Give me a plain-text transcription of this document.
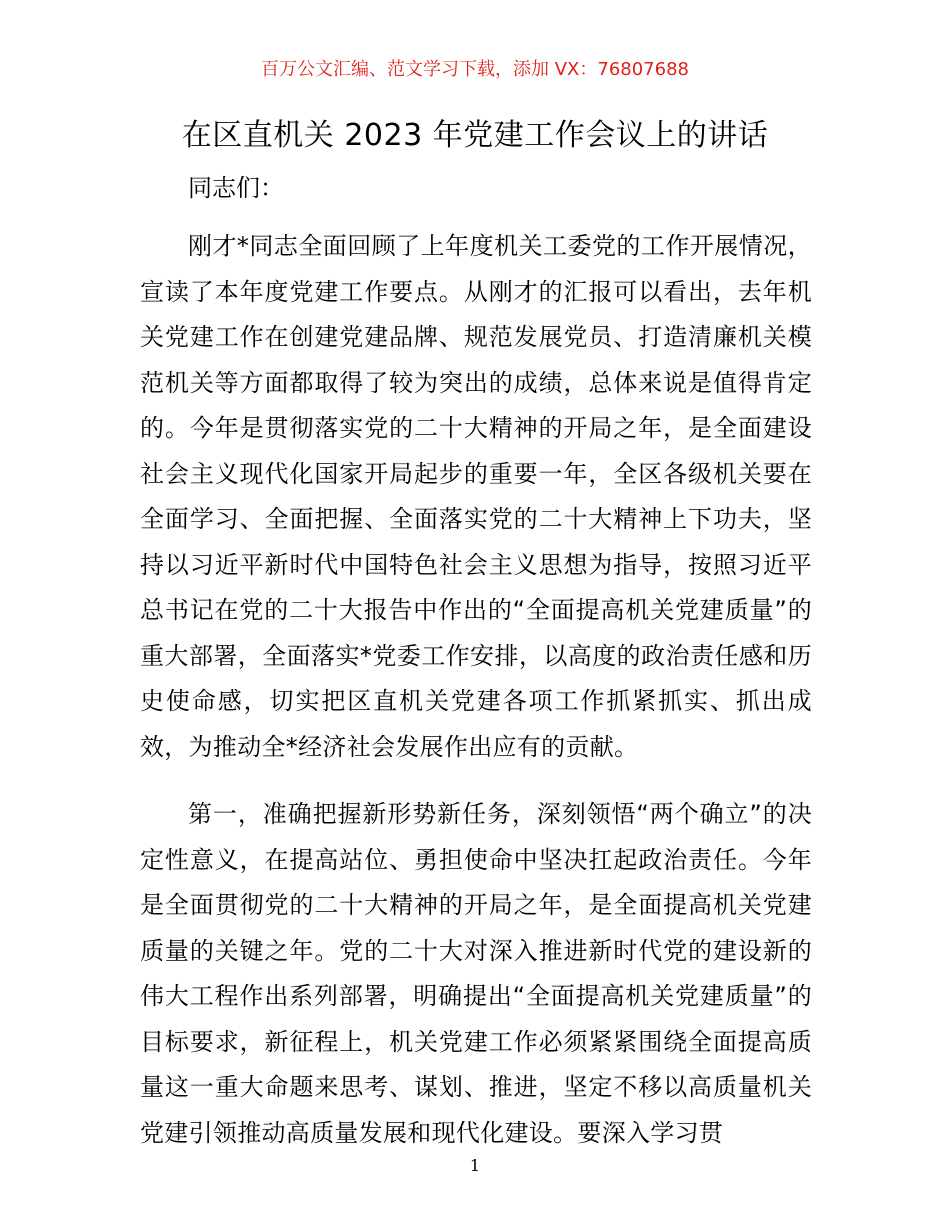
百万公文汇编、范文学习下载，添加 VX：76807688
在区直机关 2023 年党建工作会议上的讲话

同志们：

刚才*同志全面回顾了上年度机关工委党的工作开展情况，宣读了本年度党建工作要点。从刚才的汇报可以看出，去年机关党建工作在创建党建品牌、规范发展党员、打造清廉机关模范机关等方面都取得了较为突出的成绩，总体来说是值得肯定的。今年是贯彻落实党的二十大精神的开局之年，是全面建设社会主义现代化国家开局起步的重要一年，全区各级机关要在全面学习、全面把握、全面落实党的二十大精神上下功夫，坚持以习近平新时代中国特色社会主义思想为指导，按照习近平总书记在党的二十大报告中作出的“全面提高机关党建质量”的重大部署，全面落实*党委工作安排，以高度的政治责任感和历史使命感，切实把区直机关党建各项工作抓紧抓实、抓出成效，为推动全*经济社会发展作出应有的贡献。

第一，准确把握新形势新任务，深刻领悟“两个确立”的决定性意义，在提高站位、勇担使命中坚决扛起政治责任。今年是全面贯彻党的二十大精神的开局之年，是全面提高机关党建质量的关键之年。党的二十大对深入推进新时代党的建设新的伟大工程作出系列部署，明确提出“全面提高机关党建质量”的目标要求，新征程上，机关党建工作必须紧紧围绕全面提高质量这一重大命题来思考、谋划、推进，坚定不移以高质量机关党建引领推动高质量发展和现代化建设。要深入学习贯

1
